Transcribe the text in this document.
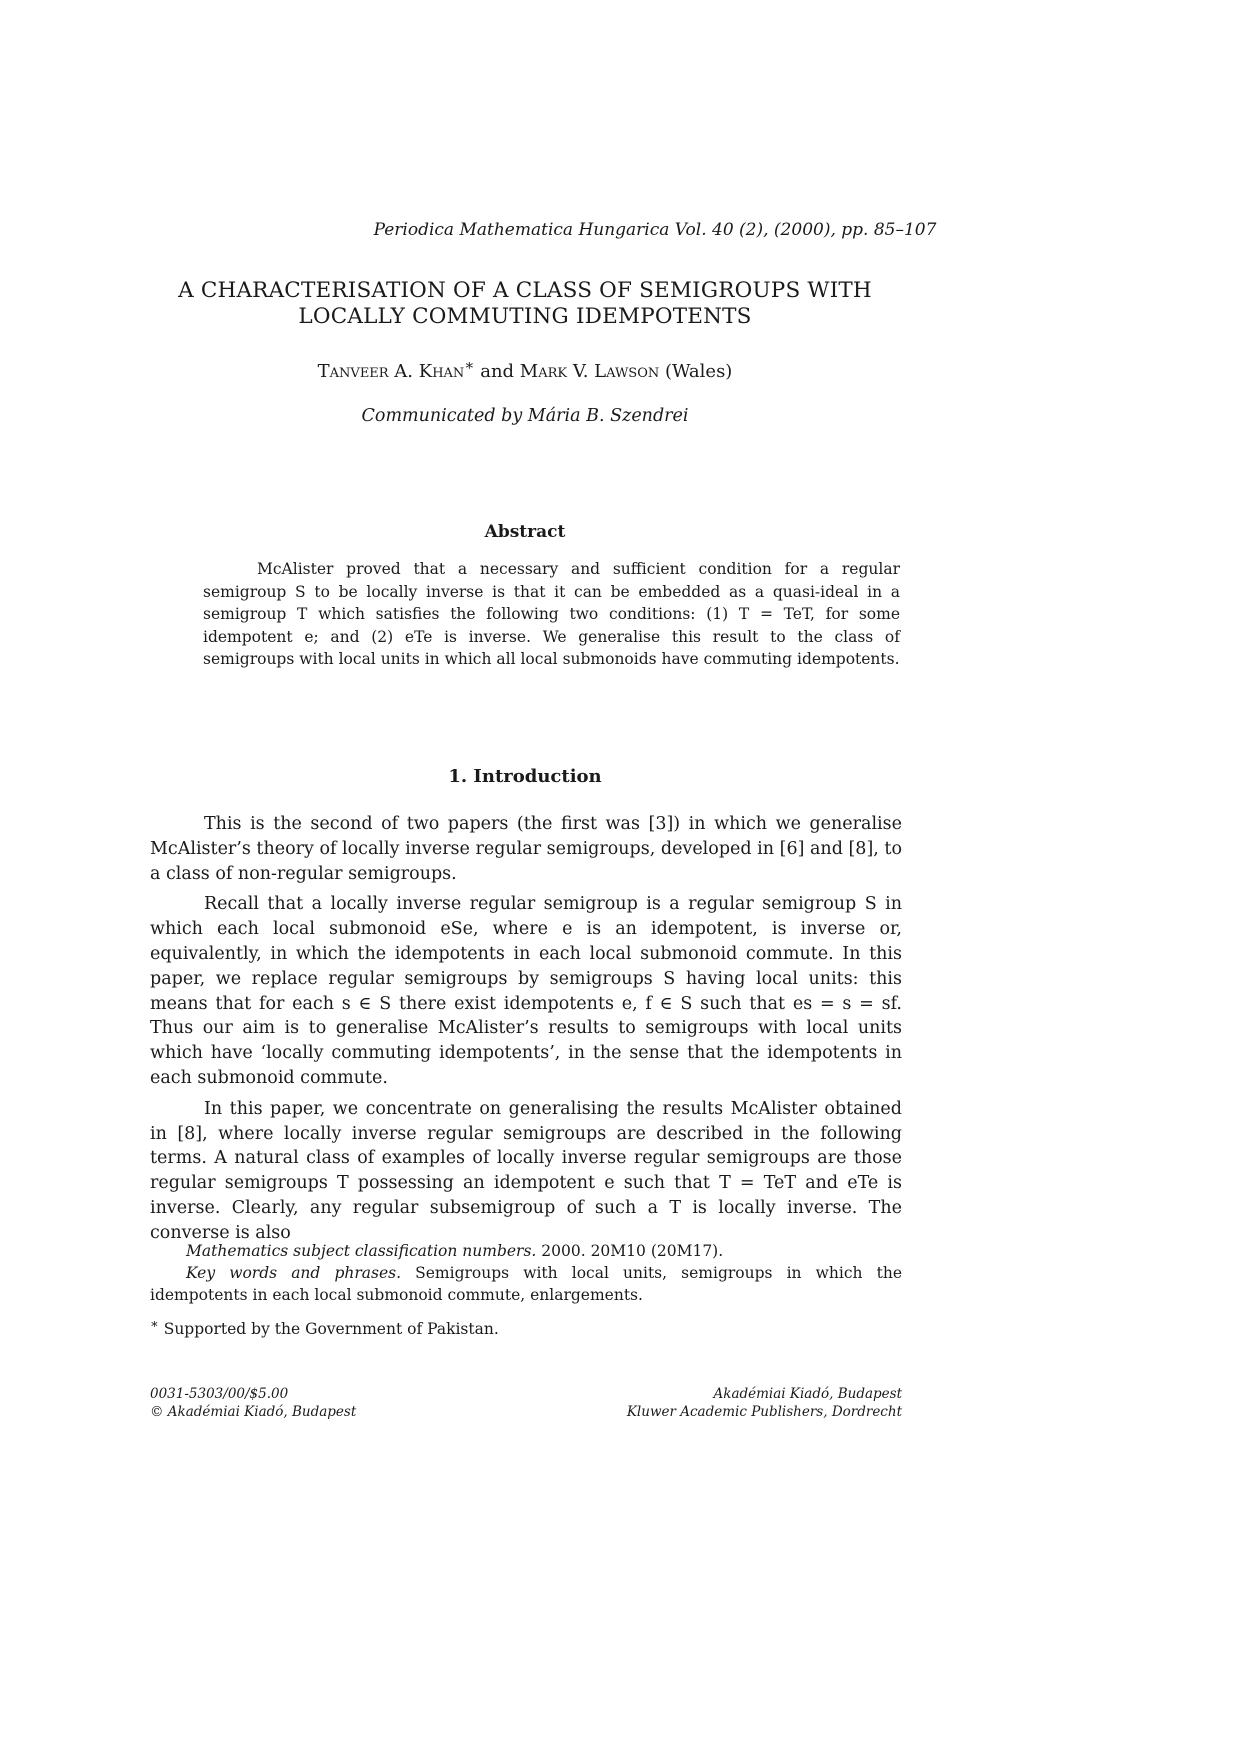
Periodica Mathematica Hungarica Vol. 40 (2), (2000), pp. 85–107
A CHARACTERISATION OF A CLASS OF SEMIGROUPS WITH
LOCALLY COMMUTING IDEMPOTENTS
Tanveer A. Khan∗ and Mark V. Lawson (Wales)
Communicated by Mária B. Szendrei
Abstract
McAlister proved that a necessary and sufficient condition for a regular semigroup S to be locally inverse is that it can be embedded as a quasi-ideal in a semigroup T which satisfies the following two conditions: (1) T = TeT, for some idempotent e; and (2) eTe is inverse. We generalise this result to the class of semigroups with local units in which all local submonoids have commuting idempotents.
1. Introduction

This is the second of two papers (the first was [3]) in which we generalise McAlister’s theory of locally inverse regular semigroups, developed in [6] and [8], to a class of non-regular semigroups.

Recall that a locally inverse regular semigroup is a regular semigroup S in which each local submonoid eSe, where e is an idempotent, is inverse or, equivalently, in which the idempotents in each local submonoid commute. In this paper, we replace regular semigroups by semigroups S having local units: this means that for each s ∈ S there exist idempotents e, f ∈ S such that es = s = sf. Thus our aim is to generalise McAlister’s results to semigroups with local units which have ‘locally commuting idempotents’, in the sense that the idempotents in each submonoid commute.

In this paper, we concentrate on generalising the results McAlister obtained in [8], where locally inverse regular semigroups are described in the following terms. A natural class of examples of locally inverse regular semigroups are those regular semigroups T possessing an idempotent e such that T = TeT and eTe is inverse. Clearly, any regular subsemigroup of such a T is locally inverse. The converse is also

Mathematics subject classification numbers. 2000. 20M10 (20M17).

Key words and phrases. Semigroups with local units, semigroups in which the idempotents in each local submonoid commute, enlargements.

∗ Supported by the Government of Pakistan.

0031-5303/00/$5.00
© Akadémiai Kiadó, Budapest
Akadémiai Kiadó, Budapest
Kluwer Academic Publishers, Dordrecht
